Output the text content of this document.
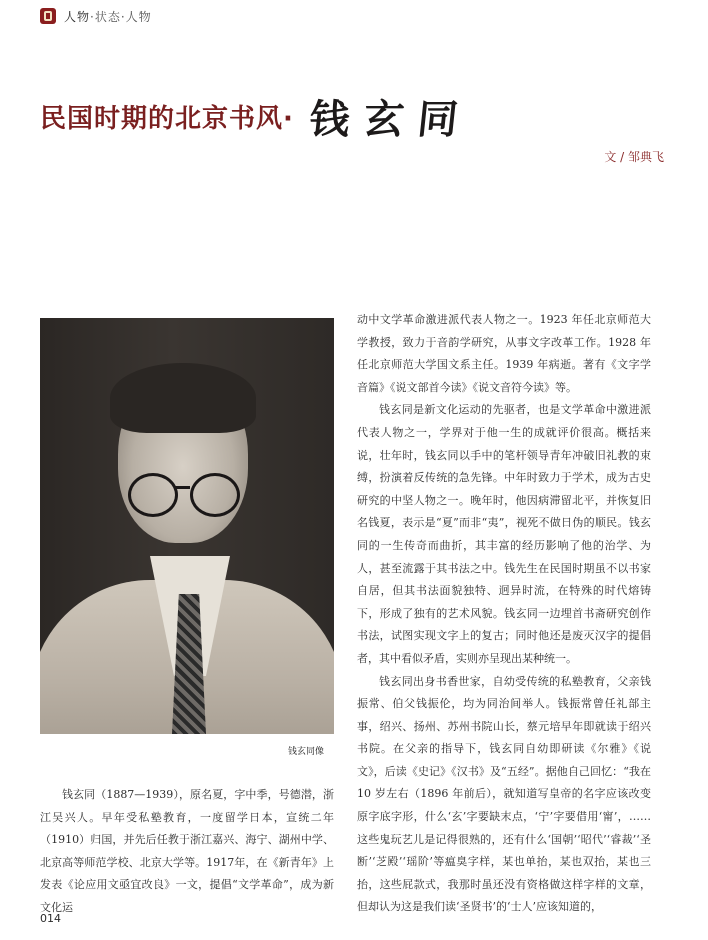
人物·状态·人物
民国时期的北京书风· 钱玄同
文 / 邹典飞
钱玄同像

钱玄同（1887—1939），原名夏，字中季，号德潜，浙江吴兴人。早年受私塾教育，一度留学日本，宣统二年（1910）归国，并先后任教于浙江嘉兴、海宁、湖州中学、北京高等师范学校、北京大学等。1917年，在《新青年》上发表《论应用文亟宜改良》一文，提倡“文学革命”，成为新文化运

动中文学革命激进派代表人物之一。1923 年任北京师范大学教授，致力于音韵学研究，从事文字改革工作。1928 年任北京师范大学国文系主任。1939 年病逝。著有《文字学音篇》《说文部首今读》《说文音符今读》等。

钱玄同是新文化运动的先驱者，也是文学革命中激进派代表人物之一，学界对于他一生的成就评价很高。概括来说，壮年时，钱玄同以手中的笔杆领导青年冲破旧礼教的束缚，扮演着反传统的急先锋。中年时致力于学术，成为古史研究的中坚人物之一。晚年时，他因病滞留北平，并恢复旧名钱夏，表示是“夏”而非“夷”，视死不做日伪的顺民。钱玄同的一生传奇而曲折，其丰富的经历影响了他的治学、为人，甚至流露于其书法之中。钱先生在民国时期虽不以书家自居，但其书法面貌独特、迥异时流，在特殊的时代熔铸下，形成了独有的艺术风貌。钱玄同一边埋首书斋研究创作书法，试图实现文字上的复古；同时他还是废灭汉字的提倡者，其中看似矛盾，实则亦呈现出某种统一。

钱玄同出身书香世家，自幼受传统的私塾教育，父亲钱振常、伯父钱振伦，均为同治间举人。钱振常曾任礼部主事，绍兴、扬州、苏州书院山长，蔡元培早年即就读于绍兴书院。在父亲的指导下，钱玄同自幼即研读《尔雅》《说文》，后读《史记》《汉书》及“五经”。据他自己回忆：“我在 10 岁左右（1896 年前后），就知道写皇帝的名字应该改变原字底字形，什么‘玄’字要缺末点，‘宁’字要借用‘甯’，……这些鬼玩艺儿是记得很熟的，还有什么‘国朝’‘昭代’‘睿裁’‘圣断’‘芝殿’‘瑶阶’等瘟臭字样，某也单抬，某也双抬，某也三抬，这些屁款式，我那时虽还没有资格做这样字样的文章，但却认为这是我们读‘圣贤书’的‘士人’应该知道的，

014
